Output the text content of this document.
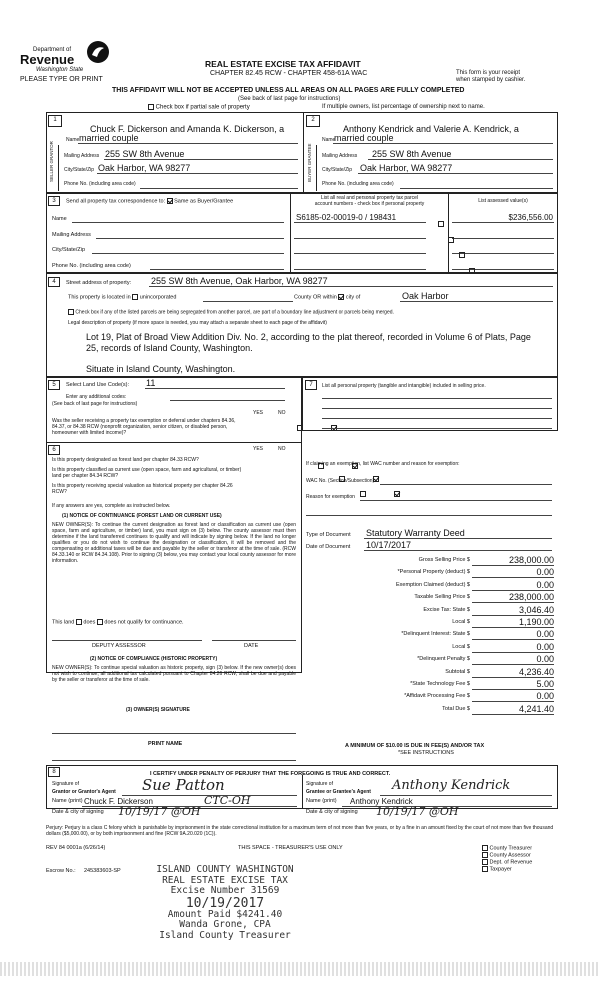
Department of
Revenue
Washington State
PLEASE TYPE OR PRINT
REAL ESTATE EXCISE TAX AFFIDAVIT
CHAPTER 82.45 RCW - CHAPTER 458-61A WAC	This form is your receipt
when stamped by cashier.
THIS AFFIDAVIT WILL NOT BE ACCEPTED UNLESS ALL AREAS ON ALL PAGES ARE FULLY COMPLETED
(See back of last page for instructions)
Check box if partial sale of property	If multiple owners, list percentage of ownership next to name.
1
Chuck F. Dickerson and Amanda K. Dickerson, a
Name married couple
SELLER GRANTOR Mailing Address 255 SW 8th Avenue
City/State/Zip Oak Harbor, WA 98277
Phone No. (including area code)
2
Anthony Kendrick and Valerie A. Kendrick, a
Name
married couple
BUYER GRANTEE Mailing Address 255 SW 8th Avenue
City/State/Zip Oak Harbor, WA 98277
Phone No. (including area code)
3	Send all property tax correspondence to: Same as Buyer/Grantee
List all real and personal property tax parcel
account numbers - check box if personal property	List assessed value(s)
Name
Mailing Address
City/State/Zip
Phone No. (including area code)
S6185-02-00019-0 / 198431	$236,556.00

4	Street address of property: 255 SW 8th Avenue, Oak Harbor, WA 98277
This property is located in unincorporated	County OR within city of	Oak Harbor
Check box if any of the listed parcels are being segregated from another parcel, are part of a boundary line adjustment or parcels being merged.
Legal description of property (if more space is needed, you may attach a separate sheet to each page of the affidavit)
Lot 19, Plat of Broad View Addition Div. No. 2, according to the plat thereof, recorded in Volume 6 of Plats, Page
25, records of Island County, Washington.
Situate in Island County, Washington.
5	Select Land Use Code(s): 11
Enter any additional codes:
(See back of last page for instructions)
YES	NO
Was the seller receiving a property tax exemption or deferral under chapters 84.36, 84.37, or 84.38 RCW (nonprofit organization, senior citizen, or disabled person, homeowner with limited income)?

6	YES	NO
Is this property designated as forest land per chapter 84.33 RCW?

Is this property classified as current use (open space, farm and agricultural, or timber) land per chapter 84.34 RCW?

Is this property receiving special valuation as historical property per chapter 84.26 RCW?

If any answers are yes, complete as instructed below.
(1) NOTICE OF CONTINUANCE (FOREST LAND OR CURRENT USE)
NEW OWNER(S): To continue the current designation as forest land or classification as current use (open space, farm and agriculture, or timber) land, you must sign on (3) below. The county assessor must then determine if the land transferred continues to qualify and will indicate by signing below. If the land no longer qualifies or you do not wish to continue the designation or classification, it will be removed and the compensating or additional taxes will be due and payable by the seller or transferor at the time of sale. (RCW 84.33.140 or RCW 84.34.108). Prior to signing (3) below, you may contact your local county assessor for more information.
This land does does not qualify for continuance.
DEPUTY ASSESSOR	DATE
(2) NOTICE OF COMPLIANCE (HISTORIC PROPERTY)
NEW OWNER(S): To continue special valuation as historic property, sign (3) below. If the new owner(s) does not wish to continue, all additional tax calculated pursuant to Chapter 84.26 RCW, shall be due and payable by the seller or transferor at the time of sale.
(3) OWNER(S) SIGNATURE
PRINT NAME
7	List all personal property (tangible and intangible) included in selling price.
If claiming an exemption, list WAC number and reason for exemption:
WAC No. (Section/Subsection)
Reason for exemption
Type of Document Statutory Warranty Deed
Date of Document 10/17/2017
Gross Selling Price $	238,000.00
*Personal Property (deduct) $	0.00
Exemption Claimed (deduct) $	0.00
Taxable Selling Price $	238,000.00
Excise Tax: State $	3,046.40
Local $	1,190.00
*Delinquent Interest: State $	0.00
Local $	0.00
*Delinquent Penalty $	0.00
Subtotal $	4,236.40
*State Technology Fee $	5.00
*Affidavit Processing Fee $	0.00
Total Due $	4,241.40
A MINIMUM OF $10.00 IS DUE IN FEE(S) AND/OR TAX
*SEE INSTRUCTIONS
8	I CERTIFY UNDER PENALTY OF PERJURY THAT THE FOREGOING IS TRUE AND CORRECT.
Signature of
Grantor or Grantor's Agent Sue Patton
Name (print) Chuck F. Dickerson	CTC-OH
Date & city of signing 10/19/17 @OH
Signature of
Grantee or Grantee's Agent Anthony Kendrick
Name (print) Anthony Kendrick
Date & city of signing 10/19/17 @OH
Perjury: Perjury is a class C felony which is punishable by imprisonment in the state correctional institution for a maximum term of not more than five years, or by a fine in an amount fixed by the court of not more than five thousand dollars ($5,000.00), or by both imprisonment and fine (RCW 9A.20.020 (1C)).
REV 84 0001a (6/26/14)	THIS SPACE - TREASURER'S USE ONLY	County Treasurer
County Assessor
Dept. of Revenue
Taxpayer
Escrow No.: 245383603-SP	ISLAND COUNTY WASHINGTON
REAL ESTATE EXCISE TAX
Excise Number 31569
10/19/2017
Amount Paid $4241.40
Wanda Grone, CPA
Island County Treasurer
